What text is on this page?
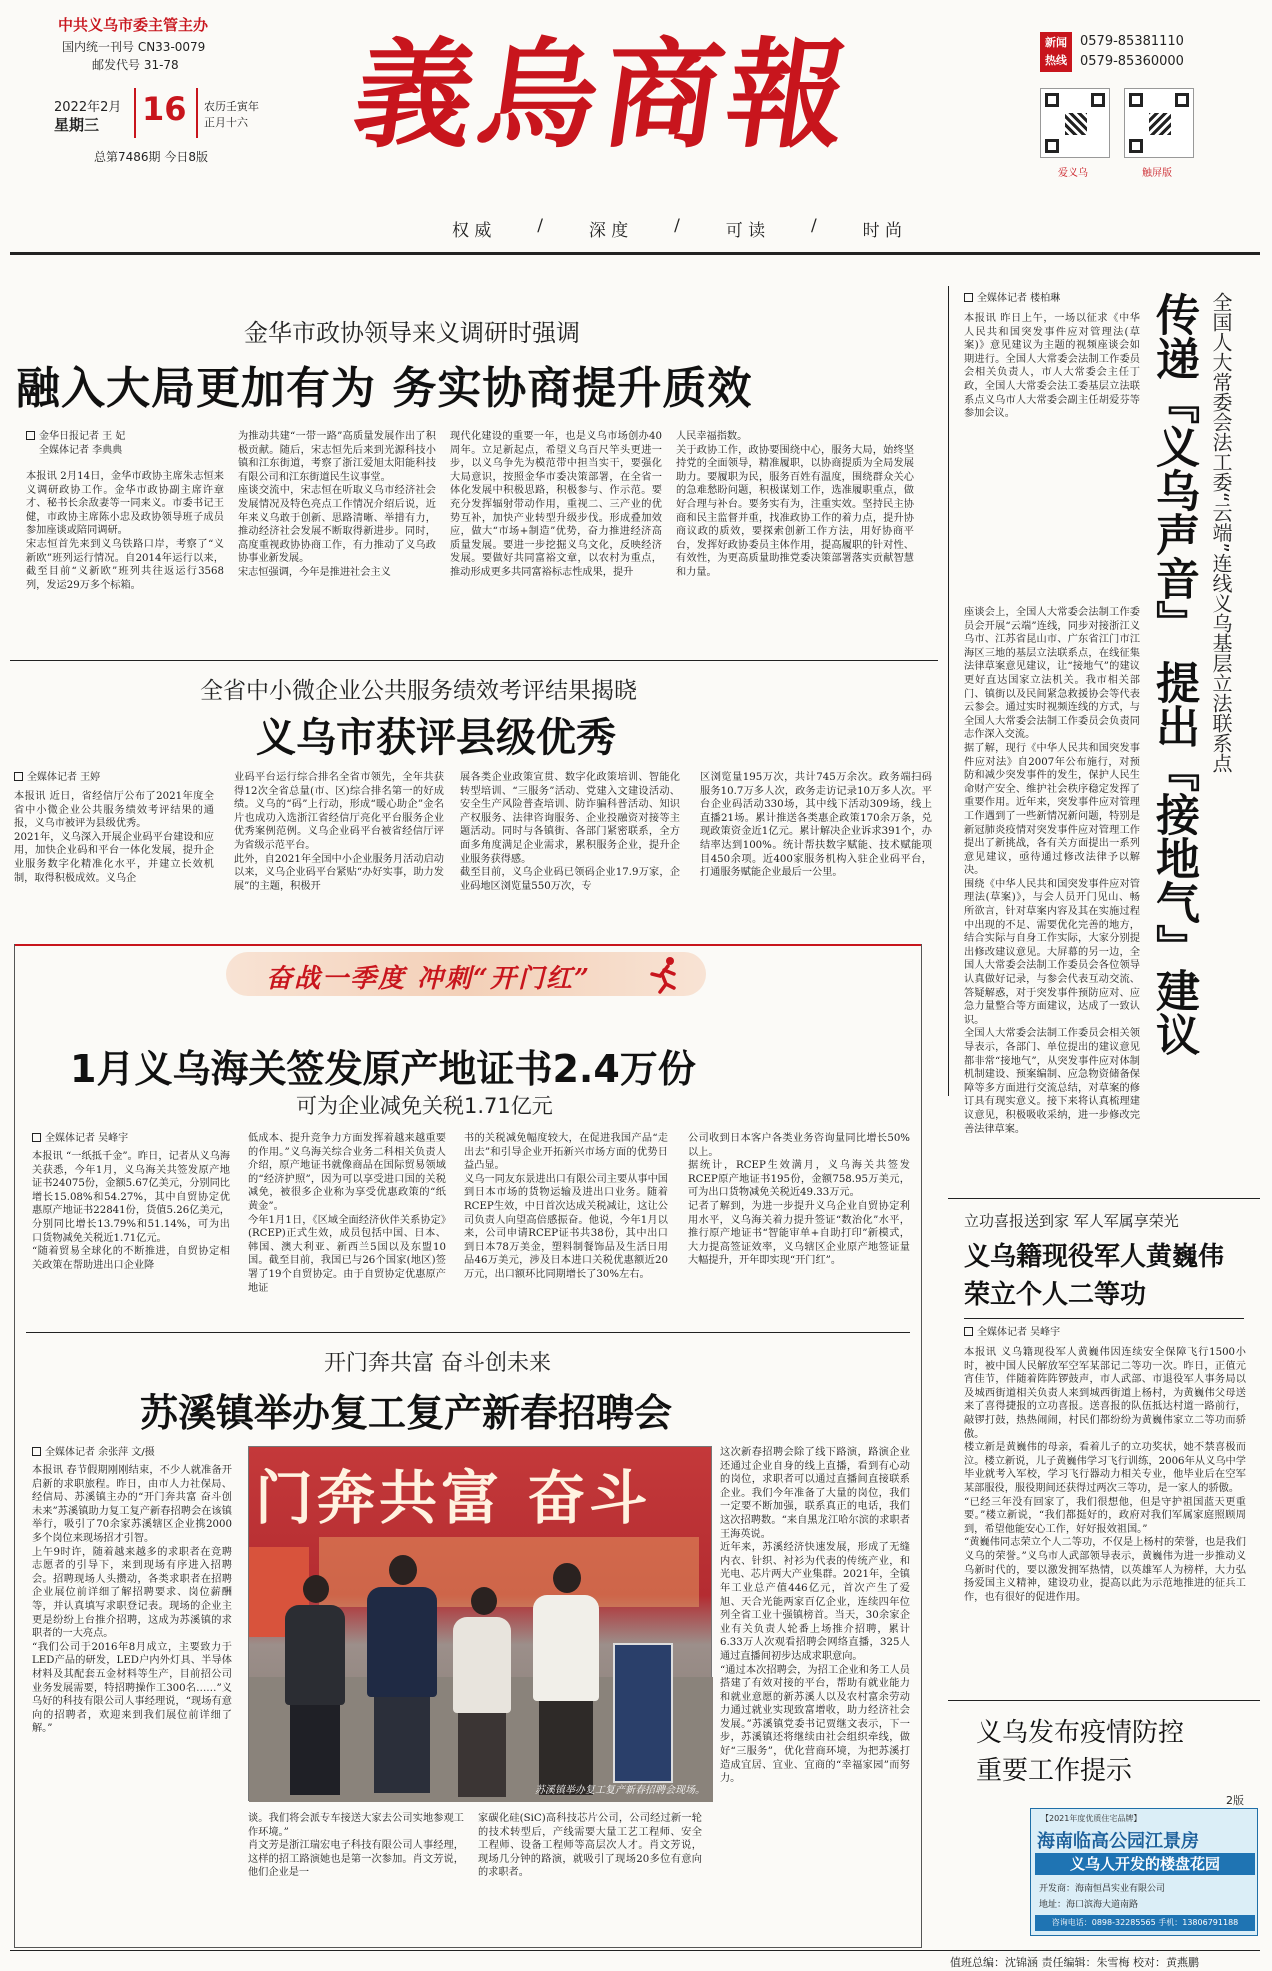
中共义乌市委主管主办
国内统一刊号 CN33-0079
邮发代号 31-78
2022年2月
星期三 16 农历壬寅年
正月十六
总第7486期 今日8版 義烏商報
权 威	/	深 度	/	可 读	/	时 尚
新闻
热线
0579-85381110
0579-85360000
爱义乌	触屏版
金华市政协领导来义调研时强调
融入大局更加有为 务实协商提升质效
金华日报记者 王 妃
全媒体记者 李典典
本报讯 2月14日，金华市政协主席朱志恒来义调研政协工作。金华市政协副主席许章才、秘书长余敌妻等一同来义。市委书记王健，市政协主席陈小忠及政协领导班子成员参加座谈或陪同调研。
宋志恒首先来到义乌铁路口岸，考察了“义新欧”班列运行情况。自2014年运行以来，截至目前“义新欧”班列共往返运行3568列，发运29万多个标箱。
为推动共建“一带一路”高质量发展作出了积极贡献。随后，宋志恒先后来到光源科技小镇和江东街道，考察了浙江爱旭太阳能科技有限公司和江东街道民生议事堂。
座谈交流中，宋志恒在听取义乌市经济社会发展情况及特色亮点工作情况介绍后说，近年来义乌敢于创新、思路清晰、举措有力，推动经济社会发展不断取得新进步。同时，高度重视政协协商工作，有力推动了义乌政协事业新发展。
宋志恒强调，今年是推进社会主义
现代化建设的重要一年，也是义乌市场创办40周年。立足新起点，希望义乌百尺竿头更进一步，以义乌争先为模范带中担当实干，要强化大局意识，按照金华市委决策部署，在全省一体化发展中积极思路，积极参与、作示范。要充分发挥辐射带动作用，重视二、三产业的优势互补，加快产业转型升级步伐。形成叠加效应，做大“市场+制造”优势，奋力推进经济高质量发展。要进一步挖掘义乌文化，反映经济发展。要做好共同富裕文章，以农村为重点，推动形成更多共同富裕标志性成果，提升
人民幸福指数。
关于政协工作，政协要围绕中心，服务大局，始终坚持党的全面领导，精准履职，以协商提质为全局发展助力。要履职为民，服务百姓有温度，围绕群众关心的急难愁盼问题，积极谋划工作，选准履职重点，做好合理与补台。要务实有为，注重实效。坚持民主协商和民主监督并重，找准政协工作的着力点，提升协商议政的质效，要探索创新工作方法，用好协商平台，发挥好政协委员主体作用，提高履职的针对性、有效性，为更高质量助推党委决策部署落实贡献智慧和力量。
全省中小微企业公共服务绩效考评结果揭晓
义乌市获评县级优秀
全媒体记者 王婷
本报讯 近日，省经信厅公布了2021年度全省中小微企业公共服务绩效考评结果的通报，义乌市被评为县级优秀。
2021年，义乌深入开展企业码平台建设和应用，加快企业码和平台一体化发展，提升企业服务数字化精准化水平，并建立长效机制，取得积极成效。义乌企
业码平台运行综合排名全省市领先，全年共获得12次全省总量(市、区)综合排名第一的好成绩。义乌的“码”上行动，形成“暖心助企”金名片也成功入选浙江省经信厅亮化平台服务企业优秀案例范例。义乌企业码平台被省经信厅评为省级示范平台。
此外，自2021年全国中小企业服务月活动启动以来，义乌企业码平台紧贴“办好实事，助力发展”的主题，积极开
展各类企业政策宣贯、数字化政策培训、智能化转型培训、“三服务”活动、党建入文建设活动、安全生产风险普查培训、防诈骗科普活动、知识产权服务、法律咨询服务、企业投融资对接等主题活动。同时与各镇街、各部门紧密联系，全方面多角度满足企业需求，累积服务企业，提升企业服务获得感。
截至目前，义乌企业码已领码企业17.9万家，企业码地区浏览量550万次，专
区浏览量195万次，共计745万余次。政务端扫码服务10.7万多人次，政务走访记录10万多人次。平台企业码活动330场，其中线下活动309场，线上直播21场。累计推送各类惠企政策170余万条，兑现政策资金近1亿元。累计解决企业诉求391个，办结率达到100%。统计帮扶数字赋能、技术赋能项目450余项。近400家服务机构入驻企业码平台，打通服务赋能企业最后一公里。
全媒体记者 楼柏琳 传递『义乌声音』
提出『接地气』建议
全国人大常委会法工委“云端”连线义乌基层立法联系点
本报讯 昨日上午，一场以征求《中华人民共和国突发事件应对管理法(草案)》意见建议为主题的视频座谈会如期进行。全国人大常委会法制工作委员会相关负责人，市人大常委会主任丁政，全国人大常委会法工委基层立法联系点义乌市人大常委会副主任胡爱芬等参加会议。
座谈会上，全国人大常委会法制工作委员会开展“云端”连线，同步对接浙江义乌市、江苏省昆山市、广东省江门市江海区三地的基层立法联系点，在线征集法律草案意见建议，让“接地气”的建议更好直达国家立法机关。我市相关部门、镇街以及民间紧急救援协会等代表云参会。通过实时视频连线的方式，与全国人大常委会法制工作委员会负责同志作深入交流。
据了解，现行《中华人民共和国突发事件应对法》自2007年公布施行，对预防和减少突发事件的发生，保护人民生命财产安全、维护社会秩序稳定发挥了重要作用。近年来，突发事件应对管理工作遇到了一些新情况新问题，特别是新冠肺炎疫情对突发事件应对管理工作提出了新挑战，各有关方面提出一系列意见建议，亟待通过修改法律予以解决。
围绕《中华人民共和国突发事件应对管理法(草案)》，与会人员开门见山、畅所欲言，针对草案内容及其在实施过程中出现的不足、需要优化完善的地方，结合实际与自身工作实际，大家分别提出修改建议意见。大屏幕的另一边，全国人大常委会法制工作委员会各位领导认真做好记录，与参会代表互动交流、答疑解惑，对于突发事件预防应对、应急力量整合等方面建议，达成了一致认识。
全国人大常委会法制工作委员会相关领导表示，各部门、单位提出的建议意见都非常“接地气”，从突发事件应对体制机制建设、预案编制、应急物资储备保障等多方面进行交流总结，对草案的修订具有现实意义。接下来将认真梳理建议意见，积极吸收采纳，进一步修改完善法律草案。
奋战一季度 冲刺“开门红”
1月义乌海关签发原产地证书2.4万份
可为企业减免关税1.71亿元
全媒体记者 吴峰宇
本报讯 “一纸抵千金”。昨日，记者从义乌海关获悉，今年1月，义乌海关共签发原产地证书24075份，金额5.67亿美元，分别同比增长15.08%和54.27%，其中自贸协定优惠原产地证书22841份，货值5.26亿美元，分别同比增长13.79%和51.14%，可为出口货物减免关税近1.71亿元。
“随着贸易全球化的不断推进，自贸协定相关政策在帮助进出口企业降
低成本、提升竞争力方面发挥着越来越重要的作用。”义乌海关综合业务二科相关负责人介绍，原产地证书就像商品在国际贸易领域的“经济护照”，因为可以享受进口国的关税减免，被很多企业称为享受优惠政策的“纸黄金”。
今年1月1日，《区域全面经济伙伴关系协定》(RCEP)正式生效，成员包括中国、日本、韩国、澳大利亚、新西兰5国以及东盟10国。截至目前，我国已与26个国家(地区)签署了19个自贸协定。由于自贸协定优惠原产地证
书的关税减免幅度较大，在促进我国产品“走出去”和引导企业开拓新兴市场方面的优势日益凸显。
义乌一同友东景进出口有限公司主要从事中国到日本市场的货物运输及进出口业务。随着RCEP生效，中日首次达成关税减让，这让公司负责人向望高倍感振奋。他说，今年1月以来，公司申请RCEP证书共38份，其中出口到日本78万美金，塑料制餐饰品及生活日用品46万美元，涉及日本进口关税优惠额近20万元，出口额环比同期增长了30%左右。
公司收到日本客户各类业务咨询量同比增长50%以上。
据统计，RCEP生效满月，义乌海关共签发RCEP原产地证书195份，金额758.95万美元，可为出口货物减免关税近49.33万元。
记者了解到，为进一步提升义乌企业自贸协定利用水平，义乌海关着力提升签证“数治化”水平，推行原产地证书“智能审单+自助打印”新模式，大力提高签证效率，义乌辖区企业原产地签证量大幅提升，开年即实现“开门红”。
开门奔共富 奋斗创未来
苏溪镇举办复工复产新春招聘会
全媒体记者 余张萍 文/摄
本报讯 春节假期刚刚结束，不少人就准备开启新的求职旅程。昨日，由市人力社保局、经信局、苏溪镇主办的“开门奔共富 奋斗创未来”苏溪镇助力复工复产新春招聘会在该镇举行，吸引了70余家苏溪辖区企业携2000多个岗位来现场招才引智。
上午9时许，随着越来越多的求职者在竞聘志愿者的引导下，来到现场有序进入招聘会。招聘现场人头攒动，各类求职者在招聘企业展位前详细了解招聘要求、岗位薪酬等，并认真填写求职登记表。现场的企业主更是纷纷上台推介招聘，这成为苏溪镇的求职者的一大亮点。
“我们公司于2016年8月成立，主要致力于LED产品的研发，LED户内外灯具、半导体材料及其配套五金材料等生产，目前招公司业务发展需要，特招聘操作工300名……”义乌好的科技有限公司人事经理说，“现场有意向的招聘者，欢迎来到我们展位前详细了解。”
门奔共富 奋斗
苏溪镇举办复工复产新春招聘会现场。
谈。我们将会派专车接送大家去公司实地参观工作环境。”
肖文芳是浙江瑞宏电子科技有限公司人事经理，这样的招工路演她也是第一次参加。肖文芳说，他们企业是一
家碳化硅(SiC)高科技芯片公司，公司经过新一轮的技术转型后，产线需要大量工艺工程师、安全工程师、设备工程师等高层次人才。肖文芳说，现场几分钟的路演，就吸引了现场20多位有意向的求职者。
这次新春招聘会除了线下路演，路演企业还通过企业自身的线上直播，看到有心动的岗位，求职者可以通过直播间直接联系企业。我们今年准备了大量的岗位，我们一定要不断加强，联系真正的电话，我们这次招聘数。“来自黑龙江哈尔滨的求职者王海英说。
近年来，苏溪经济快速发展，形成了无缝内衣、针织、衬衫为代表的传统产业，和光电、芯片两大产业集群。2021年，全镇年工业总产值446亿元，首次产生了爱旭、天合光能两家百亿企业，连续四年位列全省工业十强镇榜首。当天，30余家企业有关负责人轮番上场推介招聘，累计6.33万人次观看招聘会网络直播，325人通过直播间初步达成求职意向。
“通过本次招聘会，为招工企业和务工人员搭建了有效对接的平台，帮助有就业能力和就业意愿的新苏溪人以及农村富余劳动力通过就业实现致富增收，助力经济社会发展。”苏溪镇党委书记贾继文表示，下一步，苏溪镇还将继续由社会组织牵线，做好“三服务”，优化营商环境，为把苏溪打造成宜居、宜业、宜商的“幸福家园”而努力。
立功喜报送到家 军人军属享荣光
义乌籍现役军人黄巍伟
荣立个人二等功
全媒体记者 吴峰宇
本报讯 义乌籍现役军人黄巍伟因连续安全保障飞行1500小时，被中国人民解放军空军某部记二等功一次。昨日，正值元宵佳节，伴随着阵阵锣鼓声，市人武部、市退役军人事务局以及城西街道相关负责人来到城西街道上杨村，为黄巍伟父母送来了喜得捷报的立功喜报。送喜报的队伍抵达村道一路前行，敲锣打鼓，热热闹闹，村民们都纷纷为黄巍伟家立二等功而骄傲。
楼立新是黄巍伟的母亲，看着儿子的立功奖状，她不禁喜极而泣。楼立新说，儿子黄巍伟学习飞行训练，2006年从义乌中学毕业就考入军校，学习飞行器动力相关专业，他毕业后在空军某部服役，服役期间还获得过两次三等功，是一家人的骄傲。
“已经三年没有回家了，我们很想他，但是守护祖国蓝天更重要。”楼立新说，“我们都挺好的，政府对我们军属家庭照顾周到，希望他能安心工作，好好报效祖国。”
“黄巍伟同志荣立个人二等功，不仅是上杨村的荣誉，也是我们义乌的荣誉。”义乌市人武部领导表示，黄巍伟为进一步推动义乌新时代的，要以激发拥军热情，以英雄军人为榜样，大力弘扬爱国主义精神，建设功业，提高以此为示范地推进的征兵工作，也有很好的促进作用。
义乌发布疫情防控
重要工作提示
2版
【2021年度优质住宅品牌】
海南临高公园江景房
义乌人开发的楼盘花园
开发商：海南恒昌实业有限公司
地址：海口滨海大道南路
咨询电话：0898-32285565 手机：13806791188
值班总编：沈锦涵 责任编辑：朱雪梅 校对：黄燕鹏
